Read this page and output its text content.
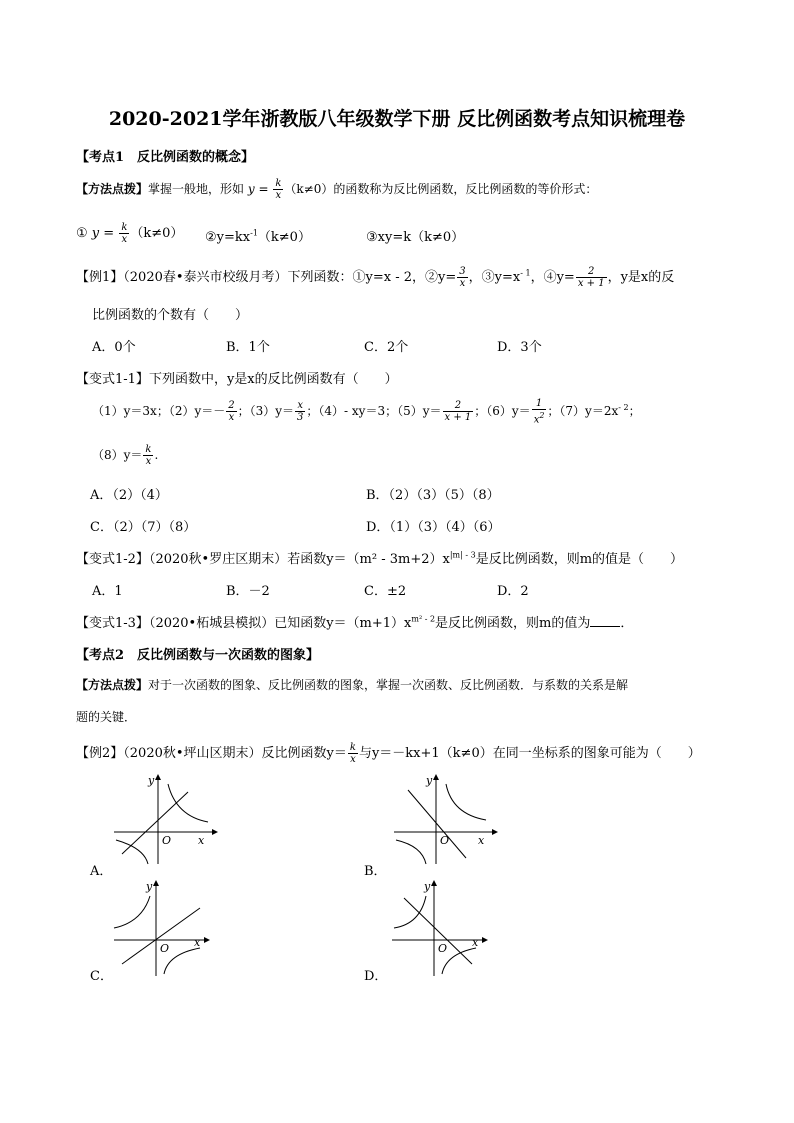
2020-2021学年浙教版八年级数学下册 反比例函数考点知识梳理卷
【考点1　反比例函数的概念】
【方法点拨】掌握一般地，形如 $y = \frac{k}{x} (k\ne 0)$的函数称为反比例函数，反比例函数的等价形式：
① $y = \frac{k}{x} (k\ne 0)$ $②y=kx^{-1}(k\ne 0)$	③xy=k（k≠0）
【例1】（2020春•泰兴市校级月考）下列函数：①y=x - 2，②y= $\frac{3}{x}$ ，$③y=x^{- 1}$，④y= $\frac{2}{x + 1}$ ，y是x的反
比例函数的个数有（　　）
A．0个	B．1个	C．2个	D．3个
【变式1-1】下列函数中，y是x的反比例函数有（　　）
（1）y＝3x；$(2)y=- \frac{2}{x}$ ；$(3)y= \frac{x}{3}$ ；（4）- xy＝3；$(5)y= \frac{2}{x + 1}$ ；$(6)y= \frac{1}{x^2}$ ；$(7)y=2x^{- 2}$；
$(8)y= \frac{k}{x}$ .
A．（2）（4）	B．（2）（3）（5）（8）
C．（2）（7）（8）	D．（1）（3）（4）（6）
【变式1-2】（2020秋•罗庄区期末）若函数$y=(m^2 - 3m+2)x^{|m| - 3}$是反比例函数，则m的值是（　　）
A．1	B．－2	C．±2	D．2
【变式1-3】（2020•柘城县模拟）已知函数$y=(m+1)x^{m^2 - 2}$是反比例函数，则m的值为 ．
【考点2　反比例函数与一次函数的图象】
【方法点拨】对于一次函数的图象、反比例函数的图象，掌握一次函数、反比例函数．与系数的关系是解
题的关键．
【例2】（2020秋•坪山区期末）反比例函数$y= \frac{k}{x}$ 与y＝－kx+1（k≠0）在同一坐标系的图象可能为（　　）
y
O x
A．
y
O	x
B．
y
O x
C．
y
O x
D．
